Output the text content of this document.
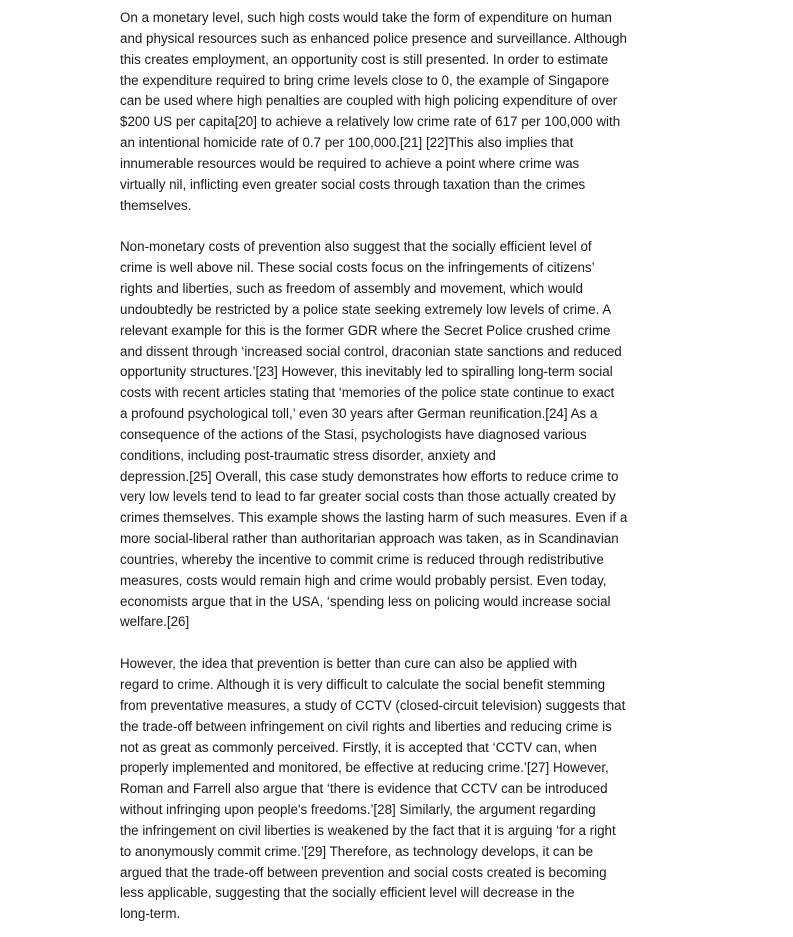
On a monetary level, such high costs would take the form of expenditure on human
and physical resources such as enhanced police presence and surveillance. Although
this creates employment, an opportunity cost is still presented. In order to estimate
the expenditure required to bring crime levels close to 0, the example of Singapore
can be used where high penalties are coupled with high policing expenditure of over
$200 US per capita[20] to achieve a relatively low crime rate of 617 per 100,000 with
an intentional homicide rate of 0.7 per 100,000.[21] [22]This also implies that
innumerable resources would be required to achieve a point where crime was
virtually nil, inflicting even greater social costs through taxation than the crimes
themselves.
Non-monetary costs of prevention also suggest that the socially efficient level of
crime is well above nil. These social costs focus on the infringements of citizens’
rights and liberties, such as freedom of assembly and movement, which would
undoubtedly be restricted by a police state seeking extremely low levels of crime. A
relevant example for this is the former GDR where the Secret Police crushed crime
and dissent through ‘increased social control, draconian state sanctions and reduced
opportunity structures.’[23] However, this inevitably led to spiralling long-term social
costs with recent articles stating that ‘memories of the police state continue to exact
a profound psychological toll,’ even 30 years after German reunification.[24] As a
consequence of the actions of the Stasi, psychologists have diagnosed various
conditions, including post-traumatic stress disorder, anxiety and
depression.[25] Overall, this case study demonstrates how efforts to reduce crime to
very low levels tend to lead to far greater social costs than those actually created by
crimes themselves. This example shows the lasting harm of such measures. Even if a
more social-liberal rather than authoritarian approach was taken, as in Scandinavian
countries, whereby the incentive to commit crime is reduced through redistributive
measures, costs would remain high and crime would probably persist. Even today,
economists argue that in the USA, ‘spending less on policing would increase social
welfare.[26]
However, the idea that prevention is better than cure can also be applied with
regard to crime. Although it is very difficult to calculate the social benefit stemming
from preventative measures, a study of CCTV (closed-circuit television) suggests that
the trade-off between infringement on civil rights and liberties and reducing crime is
not as great as commonly perceived. Firstly, it is accepted that ‘CCTV can, when
properly implemented and monitored, be effective at reducing crime.’[27] However,
Roman and Farrell also argue that ‘there is evidence that CCTV can be introduced
without infringing upon people's freedoms.’[28] Similarly, the argument regarding
the infringement on civil liberties is weakened by the fact that it is arguing ‘for a right
to anonymously commit crime.’[29] Therefore, as technology develops, it can be
argued that the trade-off between prevention and social costs created is becoming
less applicable, suggesting that the socially efficient level will decrease in the
long-term.
